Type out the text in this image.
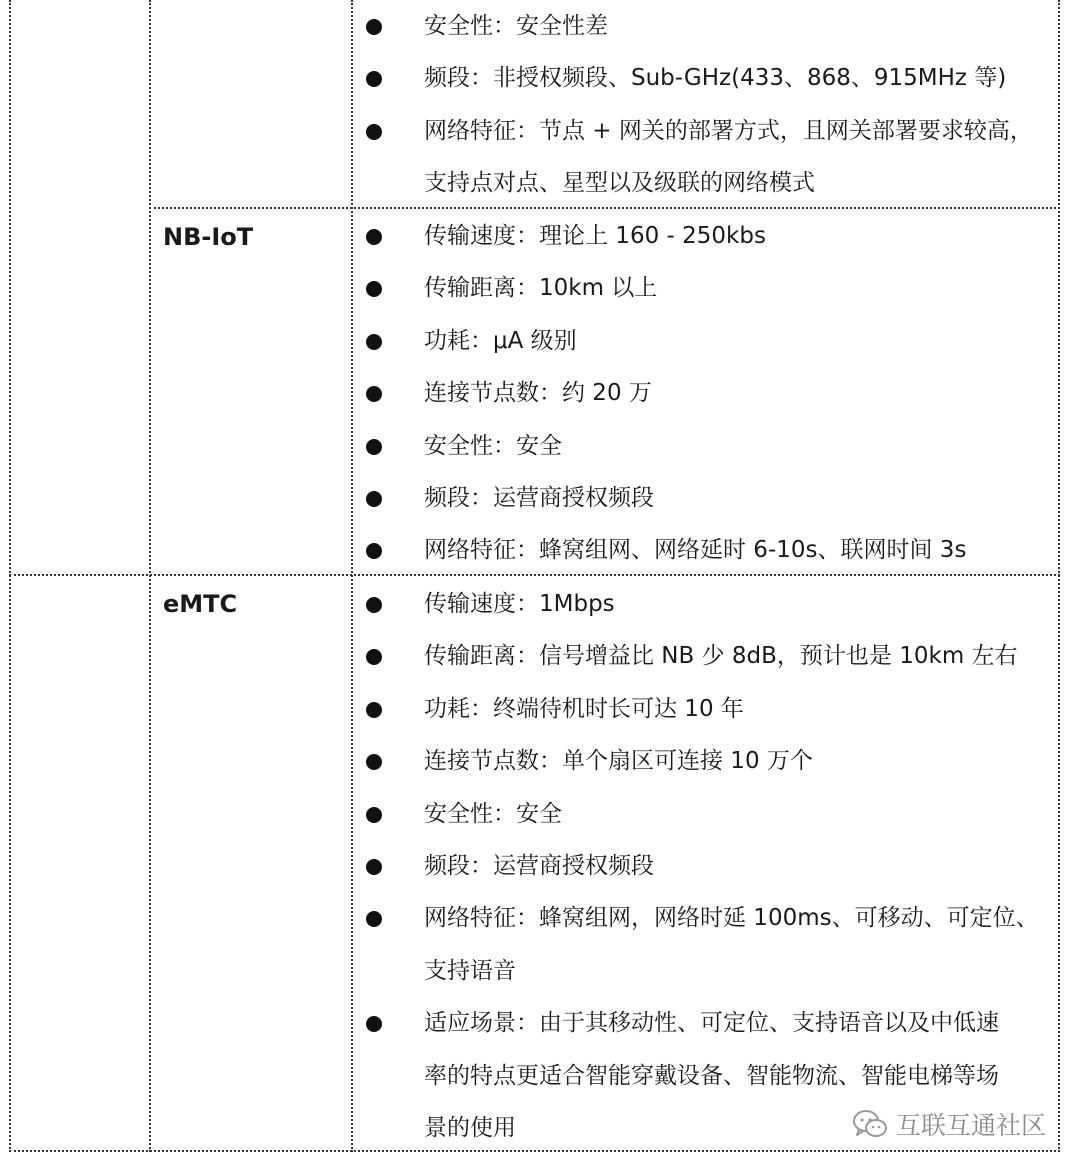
NB-IoT
eMTC
安全性：安全性差
频段：非授权频段、Sub-GHz(433、868、915MHz 等)
网络特征：节点 + 网关的部署方式，且网关部署要求较高，
支持点对点、星型以及级联的网络模式
传输速度：理论上 160 - 250kbs
传输距离：10km 以上
功耗：μA 级别
连接节点数：约 20 万
安全性：安全
频段：运营商授权频段
网络特征：蜂窝组网、网络延时 6-10s、联网时间 3s
传输速度：1Mbps
传输距离：信号增益比 NB 少 8dB，预计也是 10km 左右
功耗：终端待机时长可达 10 年
连接节点数：单个扇区可连接 10 万个
安全性：安全
频段：运营商授权频段
网络特征：蜂窝组网，网络时延 100ms、可移动、可定位、
支持语音
适应场景：由于其移动性、可定位、支持语音以及中低速
率的特点更适合智能穿戴设备、智能物流、智能电梯等场
景的使用	互联互通社区
